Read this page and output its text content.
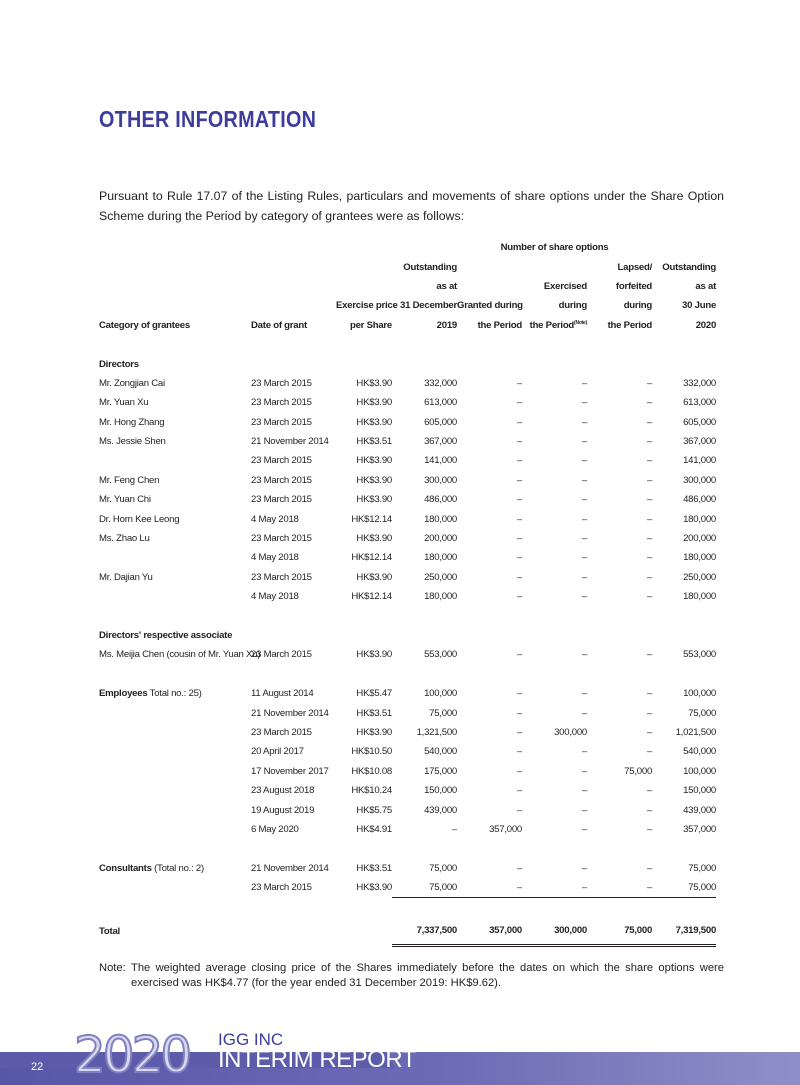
OTHER INFORMATION
Pursuant to Rule 17.07 of the Listing Rules, particulars and movements of share options under the Share Option Scheme during the Period by category of grantees were as follows:
				Number of share options			
			Outstanding			Lapsed/	Outstanding
			as at		Exercised	forfeited	as at
		Exercise price	31 December	Granted during	during	during	30 June
Category of grantees	Date of grant	per Share	2019	the Period	the Period$^{(Note)}$	the Period	2020

Directors							
Mr. Zongjian Cai	23 March 2015	HK$3.90	332,000	–	–	–	332,000
Mr. Yuan Xu	23 March 2015	HK$3.90	613,000	–	–	–	613,000
Mr. Hong Zhang	23 March 2015	HK$3.90	605,000	–	–	–	605,000
Ms. Jessie Shen	21 November 2014	HK$3.51	367,000	–	–	–	367,000
	23 March 2015	HK$3.90	141,000	–	–	–	141,000
Mr. Feng Chen	23 March 2015	HK$3.90	300,000	–	–	–	300,000
Mr. Yuan Chi	23 March 2015	HK$3.90	486,000	–	–	–	486,000
Dr. Horn Kee Leong	4 May 2018	HK$12.14	180,000	–	–	–	180,000
Ms. Zhao Lu	23 March 2015	HK$3.90	200,000	–	–	–	200,000
	4 May 2018	HK$12.14	180,000	–	–	–	180,000
Mr. Dajian Yu	23 March 2015	HK$3.90	250,000	–	–	–	250,000
	4 May 2018	HK$12.14	180,000	–	–	–	180,000

Directors' respective associate							
Ms. Meijia Chen (cousin of Mr. Yuan Xu)	23 March 2015	HK$3.90	553,000	–	–	–	553,000

Employees Total no.: 25)	11 August 2014	HK$5.47	100,000	–	–	–	100,000
	21 November 2014	HK$3.51	75,000	–	–	–	75,000
	23 March 2015	HK$3.90	1,321,500	–	300,000	–	1,021,500
	20 April 2017	HK$10.50	540,000	–	–	–	540,000
	17 November 2017	HK$10.08	175,000	–	–	75,000	100,000
	23 August 2018	HK$10.24	150,000	–	–	–	150,000
	19 August 2019	HK$5.75	439,000	–	–	–	439,000
	6 May 2020	HK$4.91	–	357,000	–	–	357,000

Consultants (Total no.: 2)	21 November 2014	HK$3.51	75,000	–	–	–	75,000
	23 March 2015	HK$3.90	75,000	–	–	–	75,000

Total			7,337,500	357,000	300,000	75,000	7,319,500
Note: The weighted average closing price of the Shares immediately before the dates on which the share options were exercised was HK$4.77 (for the year ended 31 December 2019: HK$9.62).
22 2020 IGG INC
INTERIM REPORT
